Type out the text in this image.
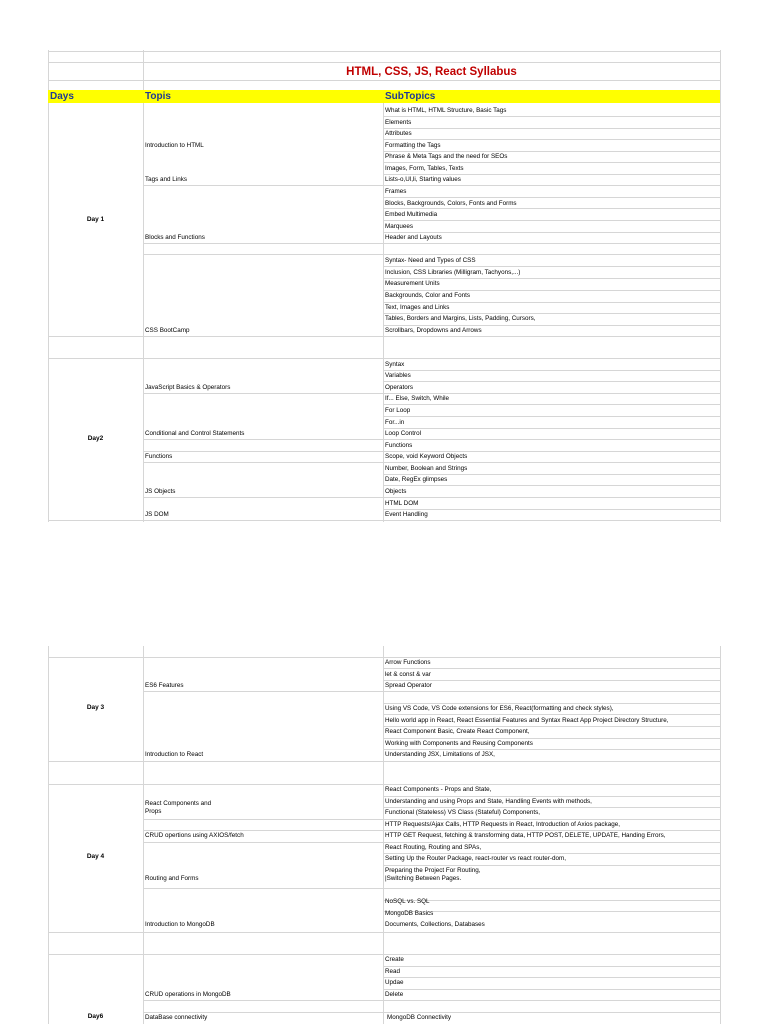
HTML, CSS, JS, React Syllabus
Days	Topis	SubTopics
What is HTML, HTML Structure, Basic Tags
Elements
Attributes
Formatting the Tags
Phrase & Meta Tags and the need for SEOs
Images, Form, Tables, Texts
Lists-o,Ul,li, Starting values
Frames
Blocks, Backgrounds, Colors, Fonts and Forms
Embed Multimedia
Marquees
Header and Layouts
Syntax- Need and Types of CSS
Inclusion, CSS Libraries (Milligram, Tachyons,...)
Measurement Units
Backgrounds, Color and Fonts
Text, Images and Links
Tables, Borders and Margins, Lists, Padding, Cursors,
Scrollbars, Dropdowns and Arrows
Introduction to HTML
Tags and Links
Blocks and Functions
CSS BootCamp
Day 1
Syntax
Variables
Operators
If... Else, Switch, While
For Loop
For...in
Loop Control
Functions
Scope, void Keyword Objects
Number, Boolean and Strings
Date, RegEx glimpses
Objects
HTML DOM
Event Handling
JavaScript Basics & Operators
Conditional and Control Statements
Functions
JS Objects
JS DOM
Day2
Arrow Functions
let & const & var
Spread Operator
Using VS Code, VS Code extensions for ES6, React(formatting and check styles),
Hello world app in React, React Essential Features and Syntax React App Project Directory Structure,
React Component Basic, Create React Component,
Working with Components and Reusing Components
Understanding JSX, Limitations of JSX,
ES6 Features
Introduction to React
Day 3
React Components - Props and State,
Understanding and using Props and State, Handling Events with methods,
Functional (Stateless) VS Class (Stateful) Components,
HTTP Requests/Ajax Calls, HTTP Requests in React, Introduction of Axios package,
HTTP GET Request, fetching & transforming data, HTTP POST, DELETE, UPDATE, Handing Errors,
React Routing, Routing and SPAs,
Setting Up the Router Package, react-router vs react router-dom,
Preparing the Project For Routing,
|Switching Between Pages.
NoSQL vs. SQL
MongoDB Basics
Documents, Collections, Databases
React Components and
Props
CRUD opertions using AXIOS/fetch
Routing and Forms
Introduction to MongoDB
Day 4
Create
Read
Updae
Delete
MongoDB Connectivity
CRUD operations in MongoDB
DataBase connectivity
Day6
